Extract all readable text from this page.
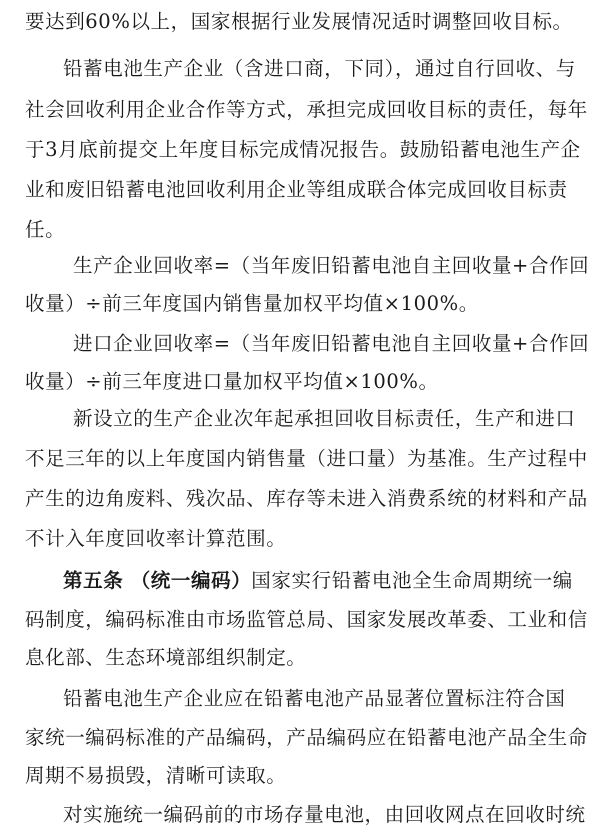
要达到60%以上，国家根据行业发展情况适时调整回收目标。
铅蓄电池生产企业（含进口商，下同），通过自行回收、与
社会回收利用企业合作等方式，承担完成回收目标的责任，每年
于3月底前提交上年度目标完成情况报告。鼓励铅蓄电池生产企
业和废旧铅蓄电池回收利用企业等组成联合体完成回收目标责
任。
生产企业回收率=（当年废旧铅蓄电池自主回收量+合作回
收量）÷前三年度国内销售量加权平均值×100%。
进口企业回收率=（当年废旧铅蓄电池自主回收量+合作回
收量）÷前三年度进口量加权平均值×100%。
新设立的生产企业次年起承担回收目标责任，生产和进口
不足三年的以上年度国内销售量（进口量）为基准。生产过程中
产生的边角废料、残次品、库存等未进入消费系统的材料和产品
不计入年度回收率计算范围。
第五条 （统一编码）国家实行铅蓄电池全生命周期统一编
码制度，编码标准由市场监管总局、国家发展改革委、工业和信
息化部、生态环境部组织制定。
铅蓄电池生产企业应在铅蓄电池产品显著位置标注符合国
家统一编码标准的产品编码，产品编码应在铅蓄电池产品全生命
周期不易损毁，清晰可读取。
对实施统一编码前的市场存量电池，由回收网点在回收时统
